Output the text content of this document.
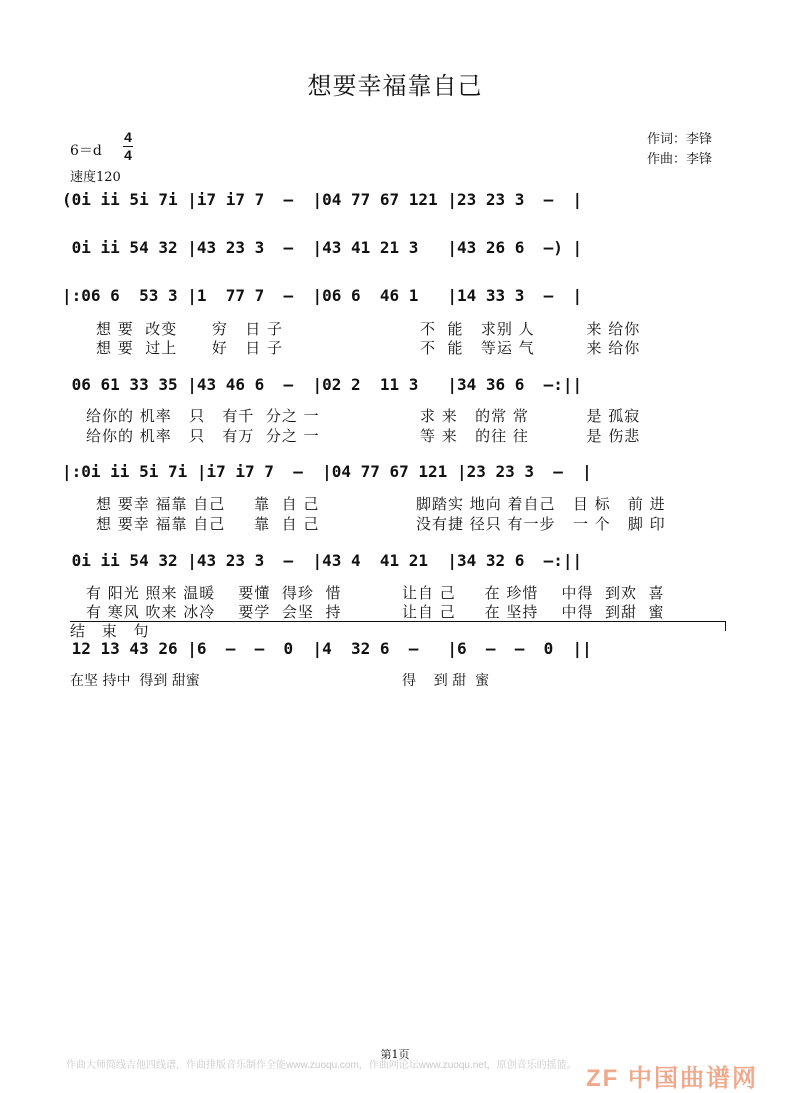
想要幸福靠自己
6＝d
4
4
速度120
作词：李锋
作曲：李锋
(0i ii 5i 7i |i7 i7 7  –  |04 77 67 121 |23 23 3  –  |
0i ii 54 32 |43 23 3  –  |43 41 21 3   |43 26 6  –) |
|:06 6  53 3 |1  77 7  –  |06 6  46 1   |14 33 3  –  |
06 61 33 35 |43 46 6  –  |02 2  11 3   |34 36 6  –:||
|:0i ii 5i 7i |i7 i7 7  –  |04 77 67 121 |23 23 3  –  |
0i ii 54 32 |43 23 3  –  |43 4  41 21  |34 32 6  –:||
12 13 43 26 |6  –  –  0  |4  32 6  –   |6  –  –  0  ||
想 要  改变      穷   日 子	不  能   求别 人         来 给你
想 要  过上      好   日 子	不  能   等运 气         来 给你
给你的 机率   只   有千  分之 一	求 来   的常 常          是 孤寂
给你的 机率   只   有万  分之 一	等 来   的往 往          是 伤悲
想 要幸 福靠 自己     靠  自 己	脚踏实 地向 着自己   目 标   前 进
想 要幸 福靠 自己     靠  自 己	没有捷 径只 有一步   一 个   脚 印
有 阳光 照来 温暖    要懂  得珍  惜	让自 己     在 珍惜    中得  到欢  喜
有 寒风 吹来 冰冷    要学  会坚  持	让自 己     在 坚持    中得  到甜  蜜
结 束 句
在坚 持中  得到 甜蜜	得    到 甜  蜜
第1页
作曲大师简线吉他四线谱，作曲排版音乐制作全能www.zuoqu.com，作曲网论坛www.zuoqu.net，原创音乐的摇篮。 ZF 中国曲谱网
